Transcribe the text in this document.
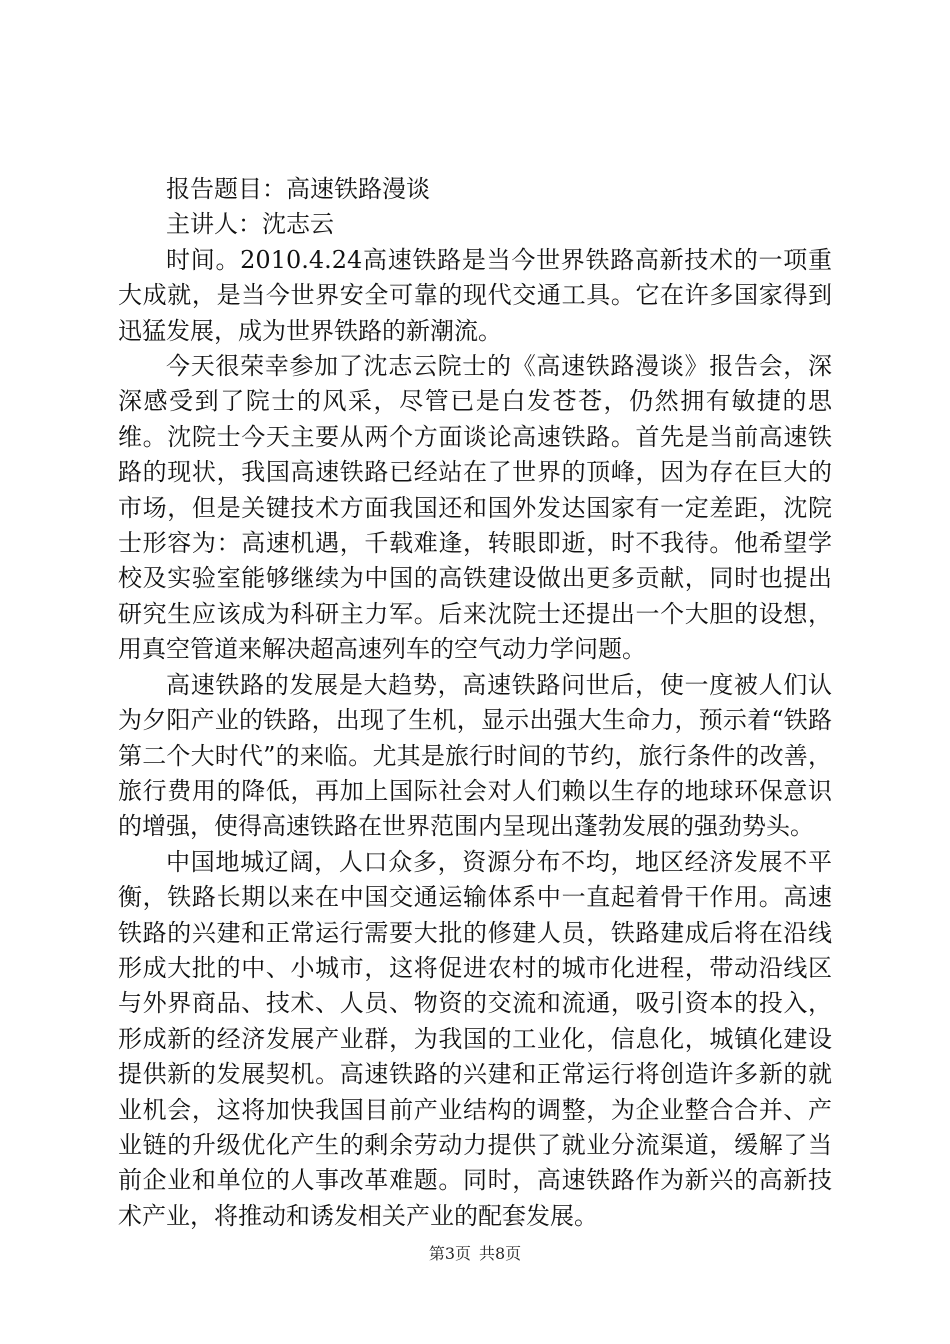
报告题目：高速铁路漫谈

主讲人：沈志云

时间。2010.4.24高速铁路是当今世界铁路高新技术的一项重大成就，是当今世界安全可靠的现代交通工具。它在许多国家得到迅猛发展，成为世界铁路的新潮流。

今天很荣幸参加了沈志云院士的《高速铁路漫谈》报告会，深深感受到了院士的风采，尽管已是白发苍苍，仍然拥有敏捷的思维。沈院士今天主要从两个方面谈论高速铁路。首先是当前高速铁路的现状，我国高速铁路已经站在了世界的顶峰，因为存在巨大的市场，但是关键技术方面我国还和国外发达国家有一定差距，沈院士形容为：高速机遇，千载难逢，转眼即逝，时不我待。他希望学校及实验室能够继续为中国的高铁建设做出更多贡献，同时也提出研究生应该成为科研主力军。后来沈院士还提出一个大胆的设想，用真空管道来解决超高速列车的空气动力学问题。

高速铁路的发展是大趋势，高速铁路问世后，使一度被人们认为夕阳产业的铁路，出现了生机，显示出强大生命力，预示着“铁路第二个大时代”的来临。尤其是旅行时间的节约，旅行条件的改善，旅行费用的降低，再加上国际社会对人们赖以生存的地球环保意识的增强，使得高速铁路在世界范围内呈现出蓬勃发展的强劲势头。

中国地城辽阔，人口众多，资源分布不均，地区经济发展不平衡，铁路长期以来在中国交通运输体系中一直起着骨干作用。高速铁路的兴建和正常运行需要大批的修建人员，铁路建成后将在沿线形成大批的中、小城市，这将促进农村的城市化进程，带动沿线区与外界商品、技术、人员、物资的交流和流通，吸引资本的投入，形成新的经济发展产业群，为我国的工业化，信息化，城镇化建设提供新的发展契机。高速铁路的兴建和正常运行将创造许多新的就业机会，这将加快我国目前产业结构的调整，为企业整合合并、产业链的升级优化产生的剩余劳动力提供了就业分流渠道，缓解了当前企业和单位的人事改革难题。同时，高速铁路作为新兴的高新技术产业，将推动和诱发相关产业的配套发展。

第3页 共8页
